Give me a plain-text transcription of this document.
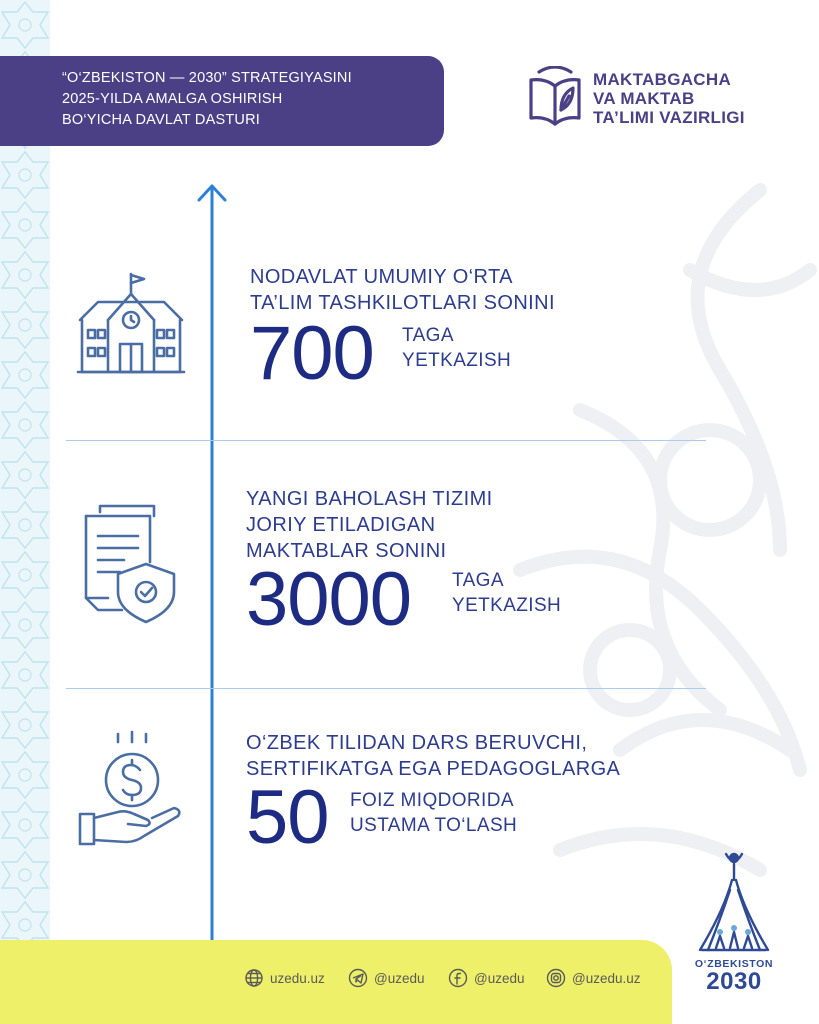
“O‘ZBEKISTON — 2030” STRATEGIYASINI
2025-YILDA AMALGA OSHIRISH
BO‘YICHA DAVLAT DASTURI
MAKTABGACHA
VA MAKTAB
TA’LIMI VAZIRLIGI
NODAVLAT UMUMIY O‘RTA
TA’LIM TASHKILOTLARI SONINI
700 TAGA
YETKAZISH
YANGI BAHOLASH TIZIMI
JORIY ETILADIGAN
MAKTABLAR SONINI
3000 TAGA
YETKAZISH
O‘ZBEK TILIDAN DARS BERUVCHI,
SERTIFIKATGA EGA PEDAGOGLARGA
50 FOIZ MIQDORIDA
USTAMA TO‘LASH
uzedu.uz	@uzedu	@uzedu	@uzedu.uz
O‘ZBEKISTON
2030
